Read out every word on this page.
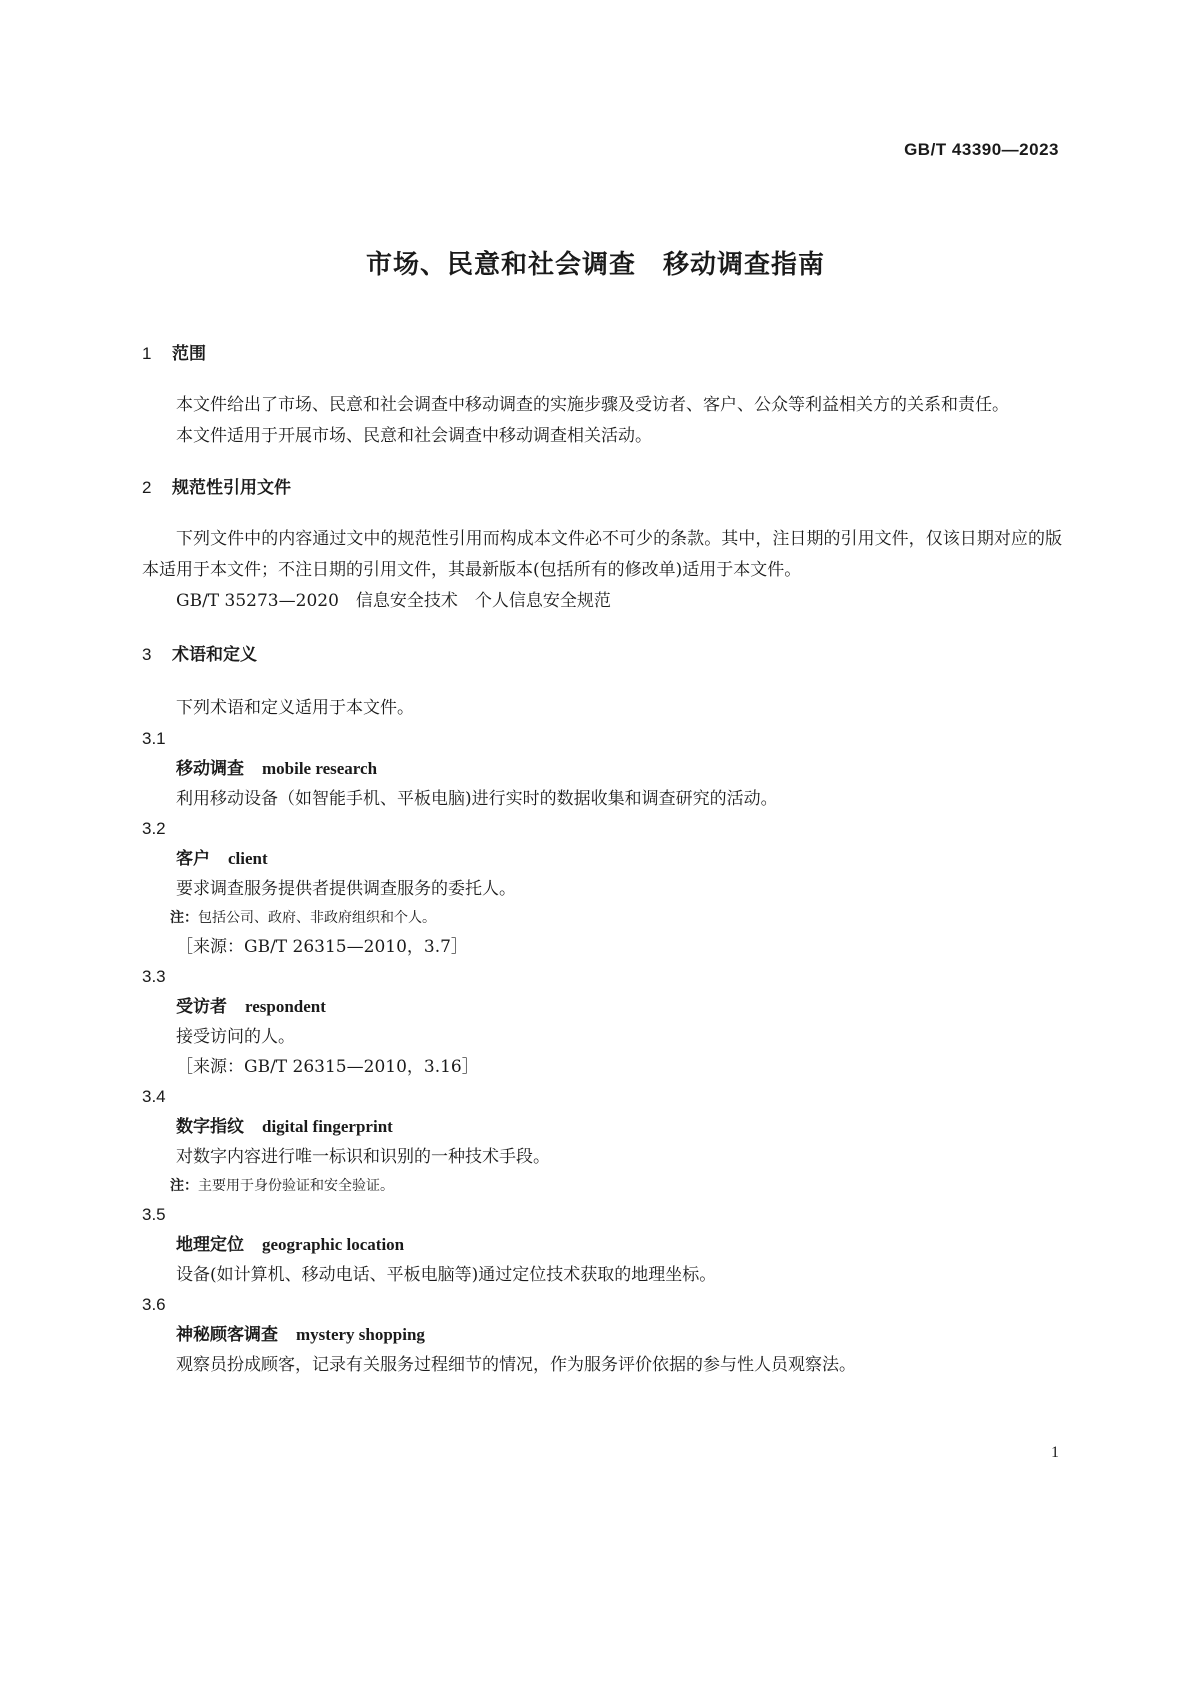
GB/T 43390—2023
市场、民意和社会调查　移动调查指南
1 范围

本文件给出了市场、民意和社会调查中移动调查的实施步骤及受访者、客户、公众等利益相关方的关系和责任。

本文件适用于开展市场、民意和社会调查中移动调查相关活动。

2 规范性引用文件

下列文件中的内容通过文中的规范性引用而构成本文件必不可少的条款。其中，注日期的引用文件，仅该日期对应的版本适用于本文件；不注日期的引用文件，其最新版本(包括所有的修改单)适用于本文件。

GB/T 35273—2020　信息安全技术　个人信息安全规范
3 术语和定义

下列术语和定义适用于本文件。

3.1
移动调查 mobile research
利用移动设备（如智能手机、平板电脑)进行实时的数据收集和调查研究的活动。
3.2
客户 client
要求调查服务提供者提供调查服务的委托人。
注：包括公司、政府、非政府组织和个人。
［来源：GB/T 26315—2010，3.7］
3.3
受访者 respondent
接受访问的人。
［来源：GB/T 26315—2010，3.16］
3.4
数字指纹 digital fingerprint
对数字内容进行唯一标识和识别的一种技术手段。
注：主要用于身份验证和安全验证。
3.5
地理定位 geographic location
设备(如计算机、移动电话、平板电脑等)通过定位技术获取的地理坐标。
3.6
神秘顾客调查 mystery shopping
观察员扮成顾客，记录有关服务过程细节的情况，作为服务评价依据的参与性人员观察法。
1
